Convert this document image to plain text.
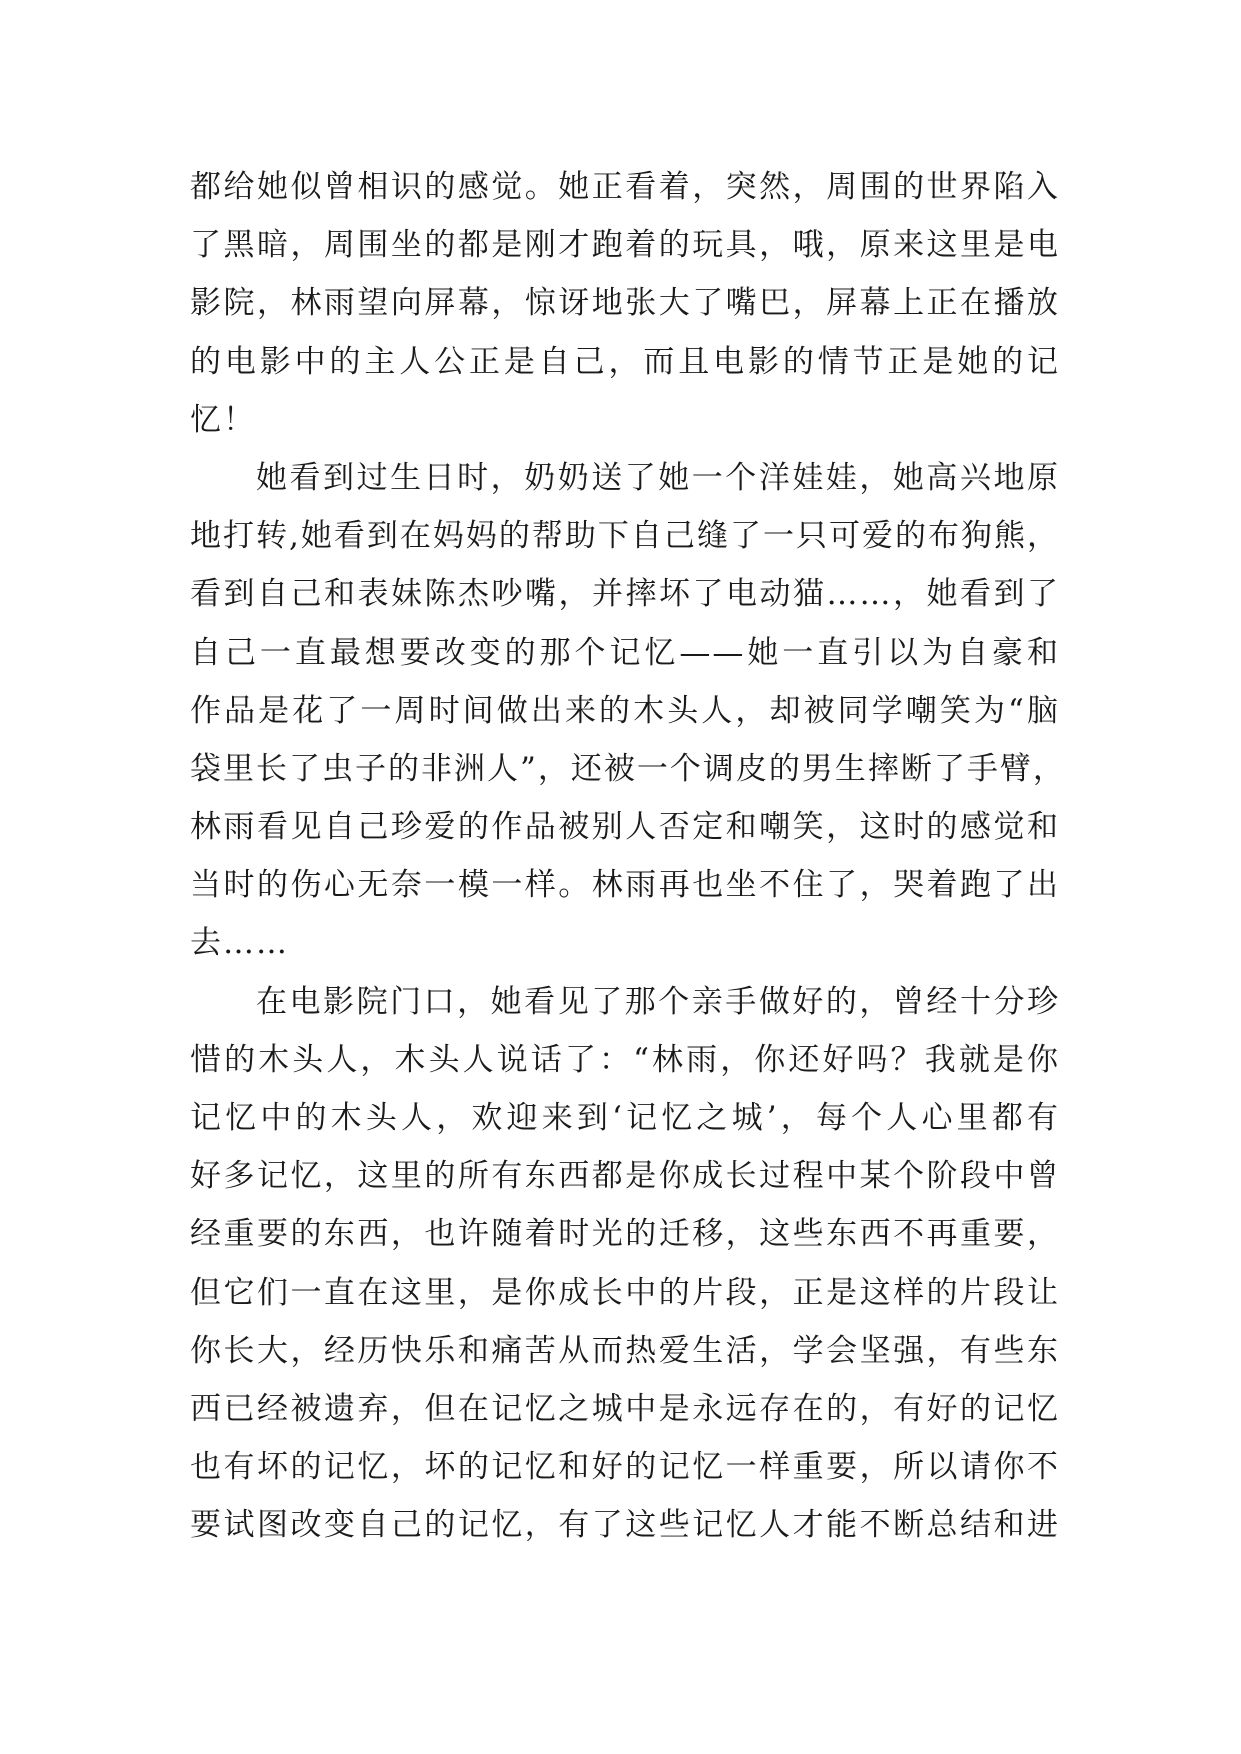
都给她似曾相识的感觉。她正看着，突然，周围的世界陷入
了黑暗，周围坐的都是刚才跑着的玩具，哦，原来这里是电
影院，林雨望向屏幕，惊讶地张大了嘴巴，屏幕上正在播放
的电影中的主人公正是自己，而且电影的情节正是她的记
忆！
她看到过生日时，奶奶送了她一个洋娃娃，她高兴地原
地打转,她看到在妈妈的帮助下自己缝了一只可爱的布狗熊，
看到自己和表妹陈杰吵嘴，并摔坏了电动猫……，她看到了
自己一直最想要改变的那个记忆——她一直引以为自豪和
作品是花了一周时间做出来的木头人，却被同学嘲笑为“脑
袋里长了虫子的非洲人”，还被一个调皮的男生摔断了手臂，
林雨看见自己珍爱的作品被别人否定和嘲笑，这时的感觉和
当时的伤心无奈一模一样。林雨再也坐不住了，哭着跑了出
去……
在电影院门口，她看见了那个亲手做好的，曾经十分珍
惜的木头人，木头人说话了：“林雨，你还好吗？我就是你
记忆中的木头人，欢迎来到‘记忆之城’，每个人心里都有
好多记忆，这里的所有东西都是你成长过程中某个阶段中曾
经重要的东西，也许随着时光的迁移，这些东西不再重要，
但它们一直在这里，是你成长中的片段，正是这样的片段让
你长大，经历快乐和痛苦从而热爱生活，学会坚强，有些东
西已经被遗弃，但在记忆之城中是永远存在的，有好的记忆
也有坏的记忆，坏的记忆和好的记忆一样重要，所以请你不
要试图改变自己的记忆，有了这些记忆人才能不断总结和进
